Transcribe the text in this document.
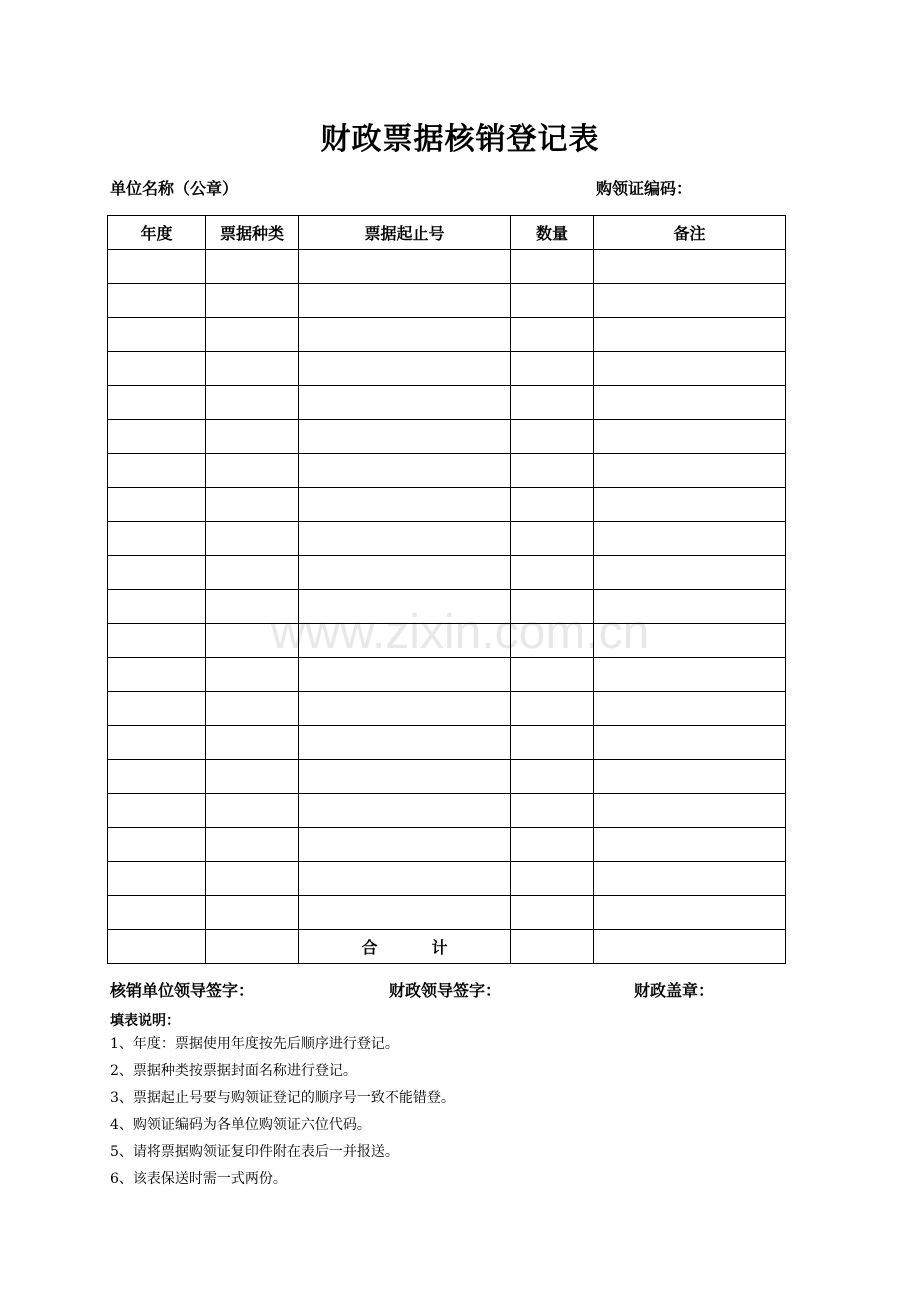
财政票据核销登记表
单位名称（公章）	购领证编码：
年度	票据种类	票据起止号	数量	备注

		合 计		
核销单位领导签字：	财政领导签字：	财政盖章：
填表说明：
1、年度：票据使用年度按先后顺序进行登记。
2、票据种类按票据封面名称进行登记。
3、票据起止号要与购领证登记的顺序号一致不能错登。
4、购领证编码为各单位购领证六位代码。
5、请将票据购领证复印件附在表后一并报送。
6、该表保送时需一式两份。
www.zixin.com.cn
